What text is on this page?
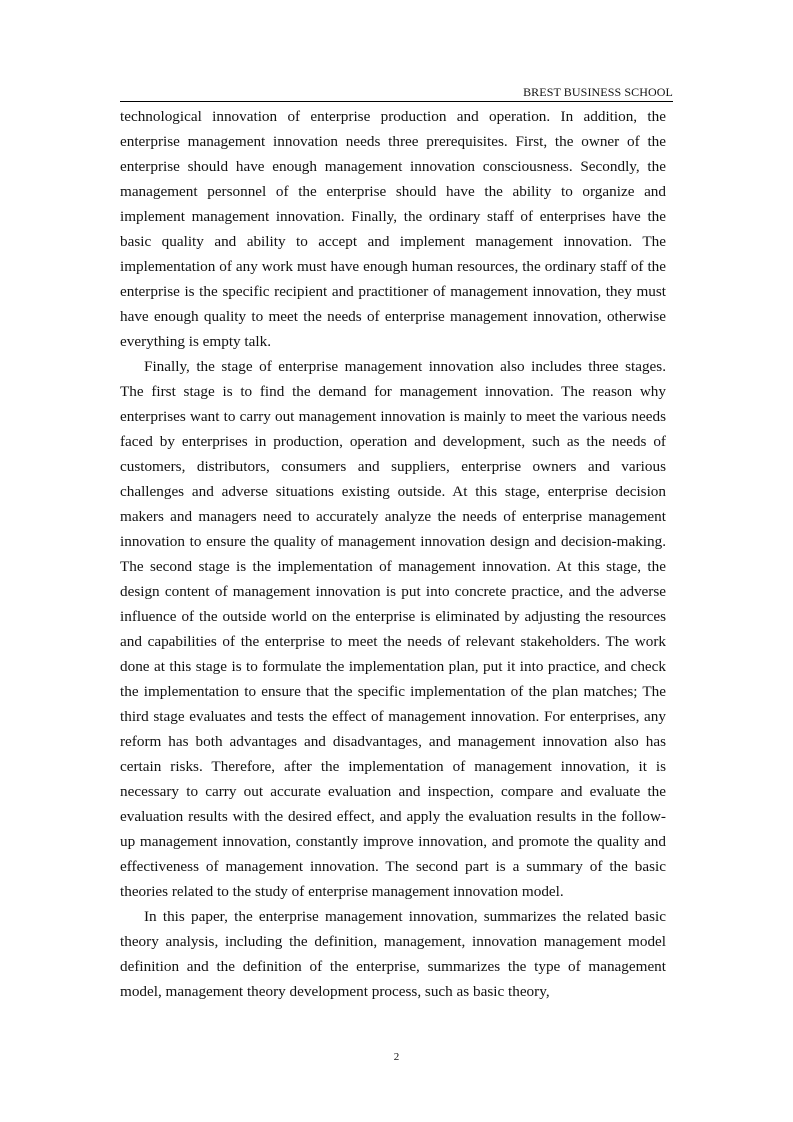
BREST BUSINESS SCHOOL

technological innovation of enterprise production and operation. In addition, the enterprise management innovation needs three prerequisites. First, the owner of the enterprise should have enough management innovation consciousness. Secondly, the management personnel of the enterprise should have the ability to organize and implement management innovation. Finally, the ordinary staff of enterprises have the basic quality and ability to accept and implement management innovation. The implementation of any work must have enough human resources, the ordinary staff of the enterprise is the specific recipient and practitioner of management innovation, they must have enough quality to meet the needs of enterprise management innovation, otherwise everything is empty talk.

Finally, the stage of enterprise management innovation also includes three stages. The first stage is to find the demand for management innovation. The reason why enterprises want to carry out management innovation is mainly to meet the various needs faced by enterprises in production, operation and development, such as the needs of customers, distributors, consumers and suppliers, enterprise owners and various challenges and adverse situations existing outside. At this stage, enterprise decision makers and managers need to accurately analyze the needs of enterprise management innovation to ensure the quality of management innovation design and decision-making. The second stage is the implementation of management innovation. At this stage, the design content of management innovation is put into concrete practice, and the adverse influence of the outside world on the enterprise is eliminated by adjusting the resources and capabilities of the enterprise to meet the needs of relevant stakeholders. The work done at this stage is to formulate the implementation plan, put it into practice, and check the implementation to ensure that the specific implementation of the plan matches; The third stage evaluates and tests the effect of management innovation. For enterprises, any reform has both advantages and disadvantages, and management innovation also has certain risks. Therefore, after the implementation of management innovation, it is necessary to carry out accurate evaluation and inspection, compare and evaluate the evaluation results with the desired effect, and apply the evaluation results in the follow-up management innovation, constantly improve innovation, and promote the quality and effectiveness of management innovation. The second part is a summary of the basic theories related to the study of enterprise management innovation model.

In this paper, the enterprise management innovation, summarizes the related basic theory analysis, including the definition, management, innovation management model definition and the definition of the enterprise, summarizes the type of management model, management theory development process, such as basic theory,

2
